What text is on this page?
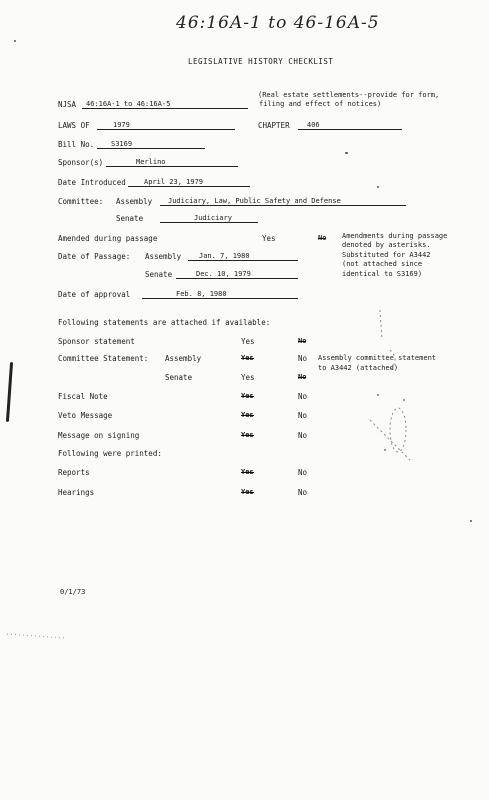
46:16A-1 to 46-16A-5
LEGISLATIVE HISTORY CHECKLIST
NJSA	46:16A-1 to 46:16A-5
(Real estate settlements--provide for form,
filing and effect of notices)
LAWS OF	1979	CHAPTER	406
Bill No.	S3169
Sponsor(s)	Merlino
Date Introduced	April 23, 1979
Committee: Assembly	Judiciary, Law, Public Safety and Defense
Senate	Judiciary
Amended during passage	Yes	No Amendments during passage
denoted by asterisks.
Substituted for A3442
(not attached since
identical to S3169)
Date of Passage: Assembly	Jan. 7, 1980
Senate	Dec. 10, 1979
Date of approval	Feb. 8, 1980
Following statements are attached if available:
Sponsor statement	Yes	No
Committee Statement: Assembly	Yes	No Assembly committee statement
to A3442 (attached)
Senate	Yes	No
Fiscal Note	Yes	No
Veto Message	Yes	No
Message on signing	Yes	No
Following were printed:
Reports	Yes	No
Hearings	Yes	No
0/1/73
